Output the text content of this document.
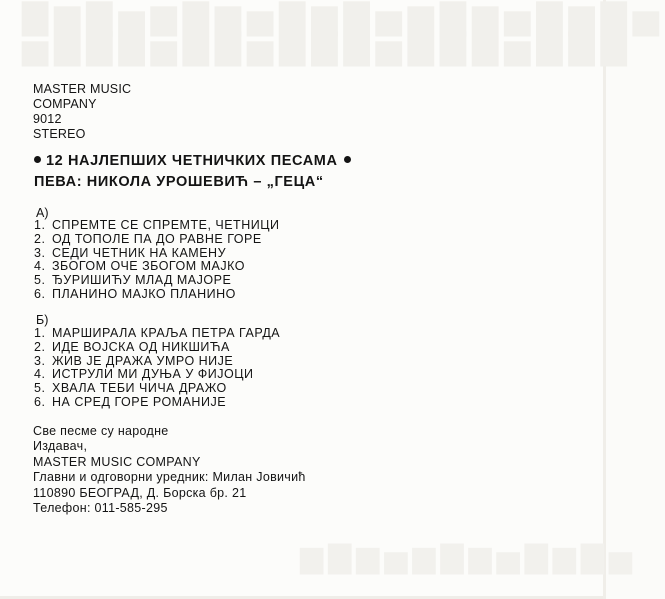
▇▆▇▅▆▇▆▅▇▆▇▅▆▇▆▅▇▆▇▅
▅▆▇▆▅▆▇▅▆▇▆▅▆▇▆▅▆▇▆
▆▇▆▅▆▇▆▅▇▆▇▅
MASTER MUSIC
COMPANY
9012
STEREO
12 НАЈЛЕПШИХ ЧЕТНИЧКИХ ПЕСАМА
ПЕВА: НИКОЛА УРОШЕВИЋ – „ГЕЦА“
A)
1. СПРЕМТЕ СЕ СПРЕМТЕ, ЧЕТНИЦИ
2. ОД ТОПОЛЕ ПА ДО РАВНЕ ГОРЕ
3. СЕДИ ЧЕТНИК НА КАМЕНУ
4. ЗБОГОМ ОЧЕ ЗБОГОМ МАЈКО
5. ЂУРИШИЋУ МЛАД МАЈОРЕ
6. ПЛАНИНО МАЈКО ПЛАНИНО
Б)
1. МАРШИРАЛА КРАЉА ПЕТРА ГАРДА
2. ИДЕ ВОЈСКА ОД НИКШИЋА
3. ЖИВ ЈЕ ДРАЖА УМРО НИЈЕ
4. ИСТРУЛИ МИ ДУЊА У ФИЈОЦИ
5. ХВАЛА ТЕБИ ЧИЧА ДРАЖО
6. НА СРЕД ГОРЕ РОМАНИЈЕ
Све песме су народне
Издавач,
MASTER MUSIC COMPANY
Главни и одговорни уредник: Милан Јовичић
110890 БЕОГРАД, Д. Борска бр. 21
Телефон: 011-585-295
